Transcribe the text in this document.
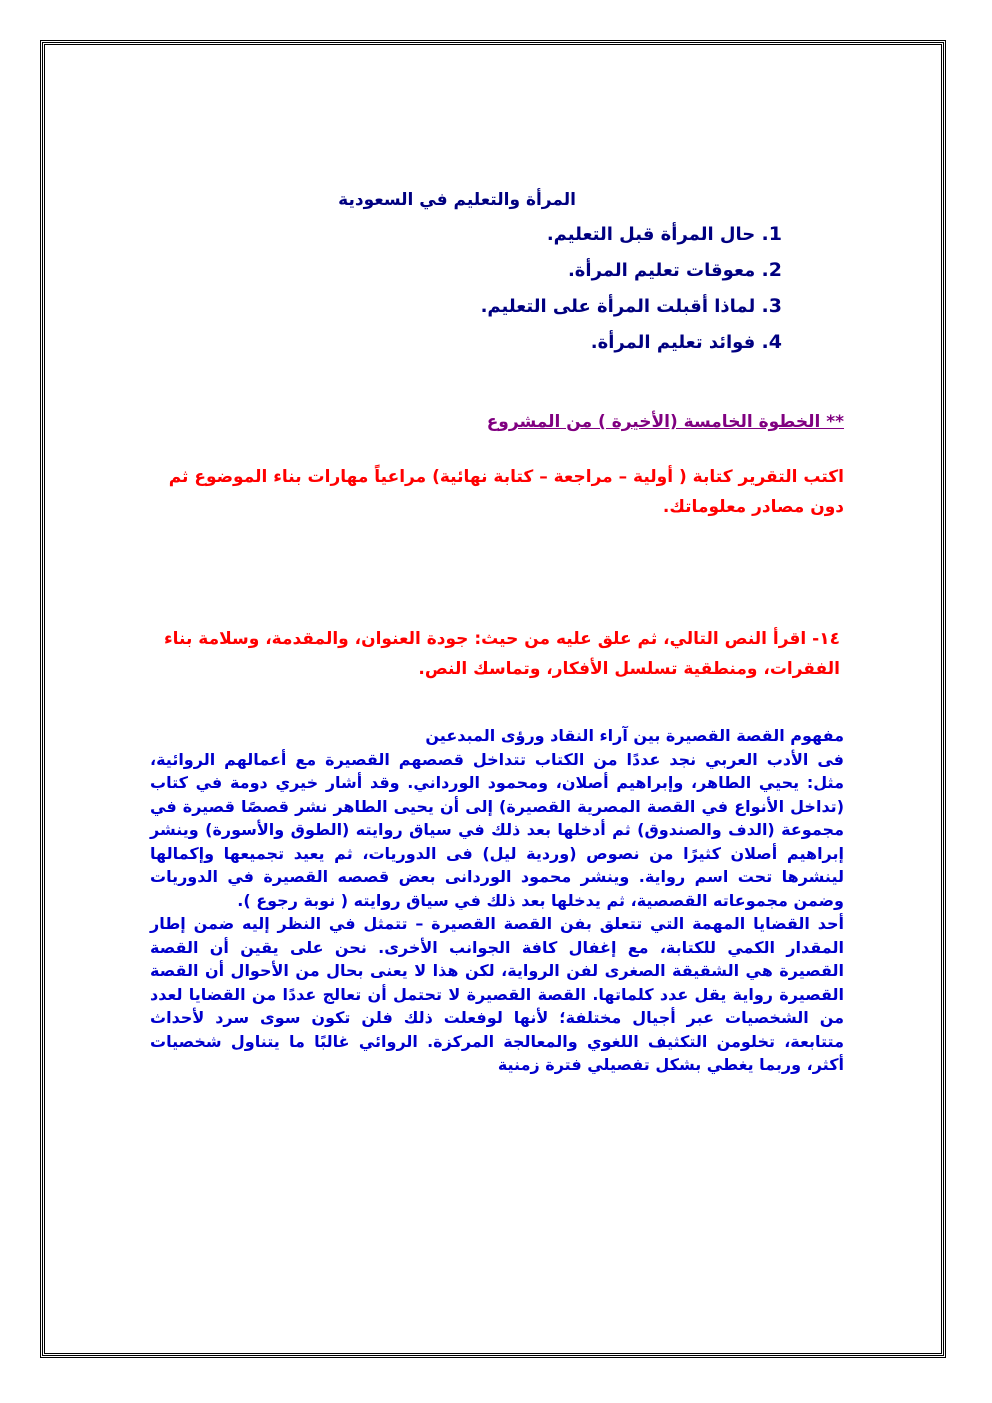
المرأة والتعليم في السعودية
1. حال المرأة قبل التعليم.
2. معوقات تعليم المرأة.
3. لماذا أقبلت المرأة على التعليم.
4. فوائد تعليم المرأة.
** الخطوة الخامسة (الأخيرة ) من المشروع
اكتب التقرير كتابة ( أولية – مراجعة – كتابة نهائية) مراعياً مهارات بناء الموضوع ثم دون مصادر معلوماتك.
١٤- اقرأ النص التالي، ثم علق عليه من حيث: جودة العنوان، والمقدمة، وسلامة بناء الفقرات، ومنطقية تسلسل الأفكار، وتماسك النص.

مفهوم القصة القصيرة بين آراء النقاد ورؤى المبدعين

فى الأدب العربي نجد عددًا من الكتاب تتداخل قصصهم القصيرة مع أعمالهم الروائية، مثل: يحيي الطاهر، وإبراهيم أصلان، ومحمود الورداني. وقد أشار خيري دومة في كتاب (تداخل الأنواع في القصة المصرية القصيرة) إلى أن يحيى الطاهر نشر قصصًا قصيرة في مجموعة (الدف والصندوق) ثم أدخلها بعد ذلك في سياق روايته (الطوق والأسورة) وينشر إبراهيم أصلان كثيرًا من نصوص (وردية ليل) فى الدوريات، ثم يعيد تجميعها وإكمالها لينشرها تحت اسم رواية. وينشر محمود الوردانى بعض قصصه القصيرة في الدوريات وضمن مجموعاته القصصية، ثم يدخلها بعد ذلك في سياق روايته ( نوبة رجوع ).

أحد القضايا المهمة التي تتعلق بفن القصة القصيرة – تتمثل في النظر إليه ضمن إطار المقدار الكمي للكتابة، مع إغفال كافة الجوانب الأخرى. نحن على يقين أن القصة القصيرة هي الشقيقة الصغرى لفن الرواية، لكن هذا لا يعنى بحال من الأحوال أن القصة القصيرة رواية يقل عدد كلماتها. القصة القصيرة لا تحتمل أن تعالج عددًا من القضايا لعدد من الشخصيات عبر أجيال مختلفة؛ لأنها لوفعلت ذلك فلن تكون سوى سرد لأحداث متتابعة، تخلومن التكثيف اللغوي والمعالجة المركزة. الروائي غالبًا ما يتناول شخصيات أكثر، وربما يغطي بشكل تفصيلي فترة زمنية
